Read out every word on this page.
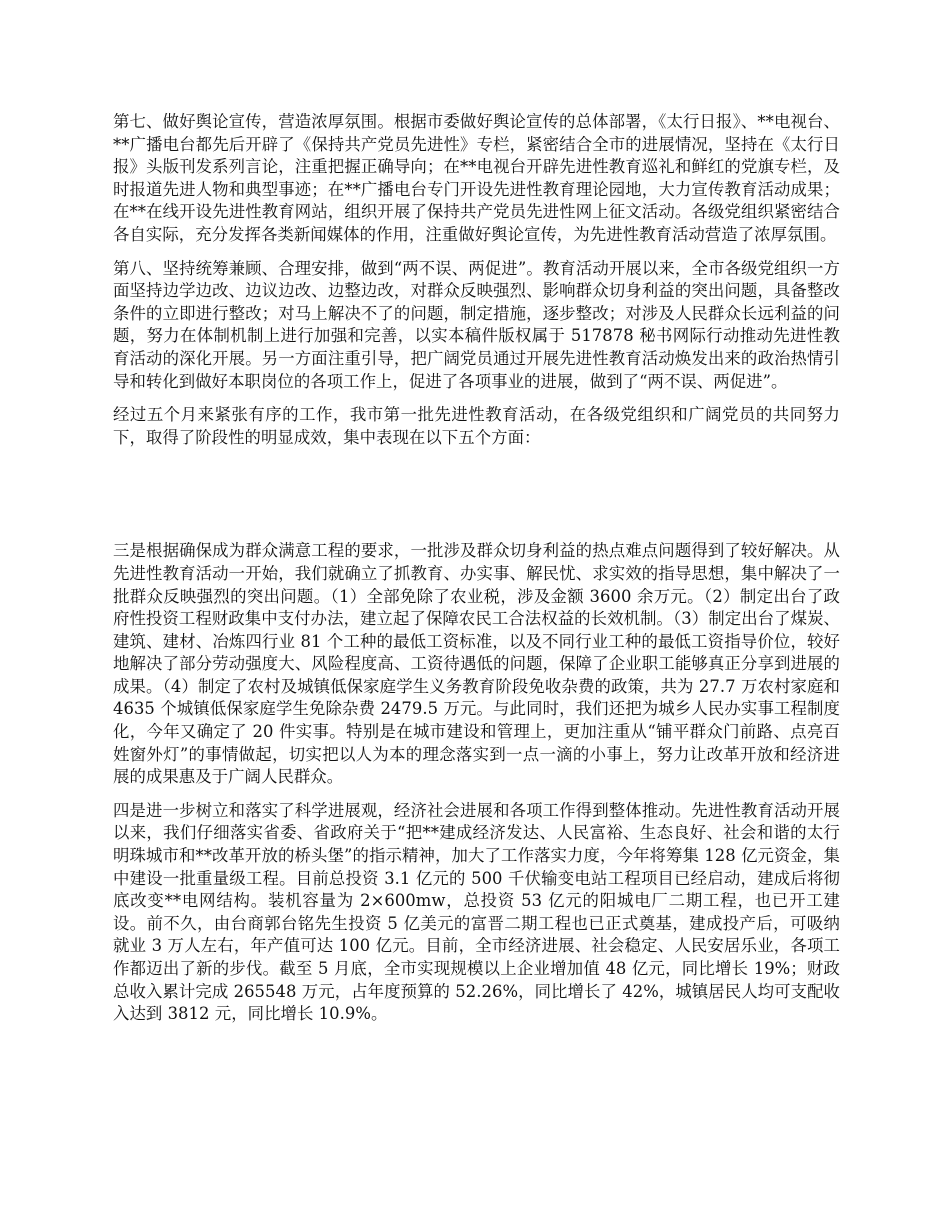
第七、做好舆论宣传，营造浓厚氛围。根据市委做好舆论宣传的总体部署，《太行日报》、**电视台、**广播电台都先后开辟了《保持共产党员先进性》专栏，紧密结合全市的进展情况，坚持在《太行日报》头版刊发系列言论，注重把握正确导向；在**电视台开辟先进性教育巡礼和鲜红的党旗专栏，及时报道先进人物和典型事迹；在**广播电台专门开设先进性教育理论园地，大力宣传教育活动成果；在**在线开设先进性教育网站，组织开展了保持共产党员先进性网上征文活动。各级党组织紧密结合各自实际，充分发挥各类新闻媒体的作用，注重做好舆论宣传，为先进性教育活动营造了浓厚氛围。

第八、坚持统筹兼顾、合理安排，做到“两不误、两促进”。教育活动开展以来，全市各级党组织一方面坚持边学边改、边议边改、边整边改，对群众反映强烈、影响群众切身利益的突出问题，具备整改条件的立即进行整改；对马上解决不了的问题，制定措施，逐步整改；对涉及人民群众长远利益的问题，努力在体制机制上进行加强和完善，以实本稿件版权属于 517878 秘书网际行动推动先进性教育活动的深化开展。另一方面注重引导，把广阔党员通过开展先进性教育活动焕发出来的政治热情引导和转化到做好本职岗位的各项工作上，促进了各项事业的进展，做到了“两不误、两促进”。

经过五个月来紧张有序的工作，我市第一批先进性教育活动，在各级党组织和广阔党员的共同努力下，取得了阶段性的明显成效，集中表现在以下五个方面：

三是根据确保成为群众满意工程的要求，一批涉及群众切身利益的热点难点问题得到了较好解决。从先进性教育活动一开始，我们就确立了抓教育、办实事、解民忧、求实效的指导思想，集中解决了一批群众反映强烈的突出问题。（1）全部免除了农业税，涉及金额 3600 余万元。（2）制定出台了政府性投资工程财政集中支付办法，建立起了保障农民工合法权益的长效机制。（3）制定出台了煤炭、建筑、建材、冶炼四行业 81 个工种的最低工资标准，以及不同行业工种的最低工资指导价位，较好地解决了部分劳动强度大、风险程度高、工资待遇低的问题，保障了企业职工能够真正分享到进展的成果。（4）制定了农村及城镇低保家庭学生义务教育阶段免收杂费的政策，共为 27.7 万农村家庭和 4635 个城镇低保家庭学生免除杂费 2479.5 万元。与此同时，我们还把为城乡人民办实事工程制度化，今年又确定了 20 件实事。特别是在城市建设和管理上，更加注重从“铺平群众门前路、点亮百姓窗外灯”的事情做起，切实把以人为本的理念落实到一点一滴的小事上，努力让改革开放和经济进展的成果惠及于广阔人民群众。

四是进一步树立和落实了科学进展观，经济社会进展和各项工作得到整体推动。先进性教育活动开展以来，我们仔细落实省委、省政府关于“把**建成经济发达、人民富裕、生态良好、社会和谐的太行明珠城市和**改革开放的桥头堡”的指示精神，加大了工作落实力度，今年将筹集 128 亿元资金，集中建设一批重量级工程。目前总投资 3.1 亿元的 500 千伏输变电站工程项目已经启动，建成后将彻底改变**电网结构。装机容量为 2×600mw，总投资 53 亿元的阳城电厂二期工程，也已开工建设。前不久，由台商郭台铭先生投资 5 亿美元的富晋二期工程也已正式奠基，建成投产后，可吸纳就业 3 万人左右，年产值可达 100 亿元。目前，全市经济进展、社会稳定、人民安居乐业，各项工作都迈出了新的步伐。截至 5 月底，全市实现规模以上企业增加值 48 亿元，同比增长 19%；财政总收入累计完成 265548 万元，占年度预算的 52.26%，同比增长了 42%，城镇居民人均可支配收入达到 3812 元，同比增长 10.9%。
